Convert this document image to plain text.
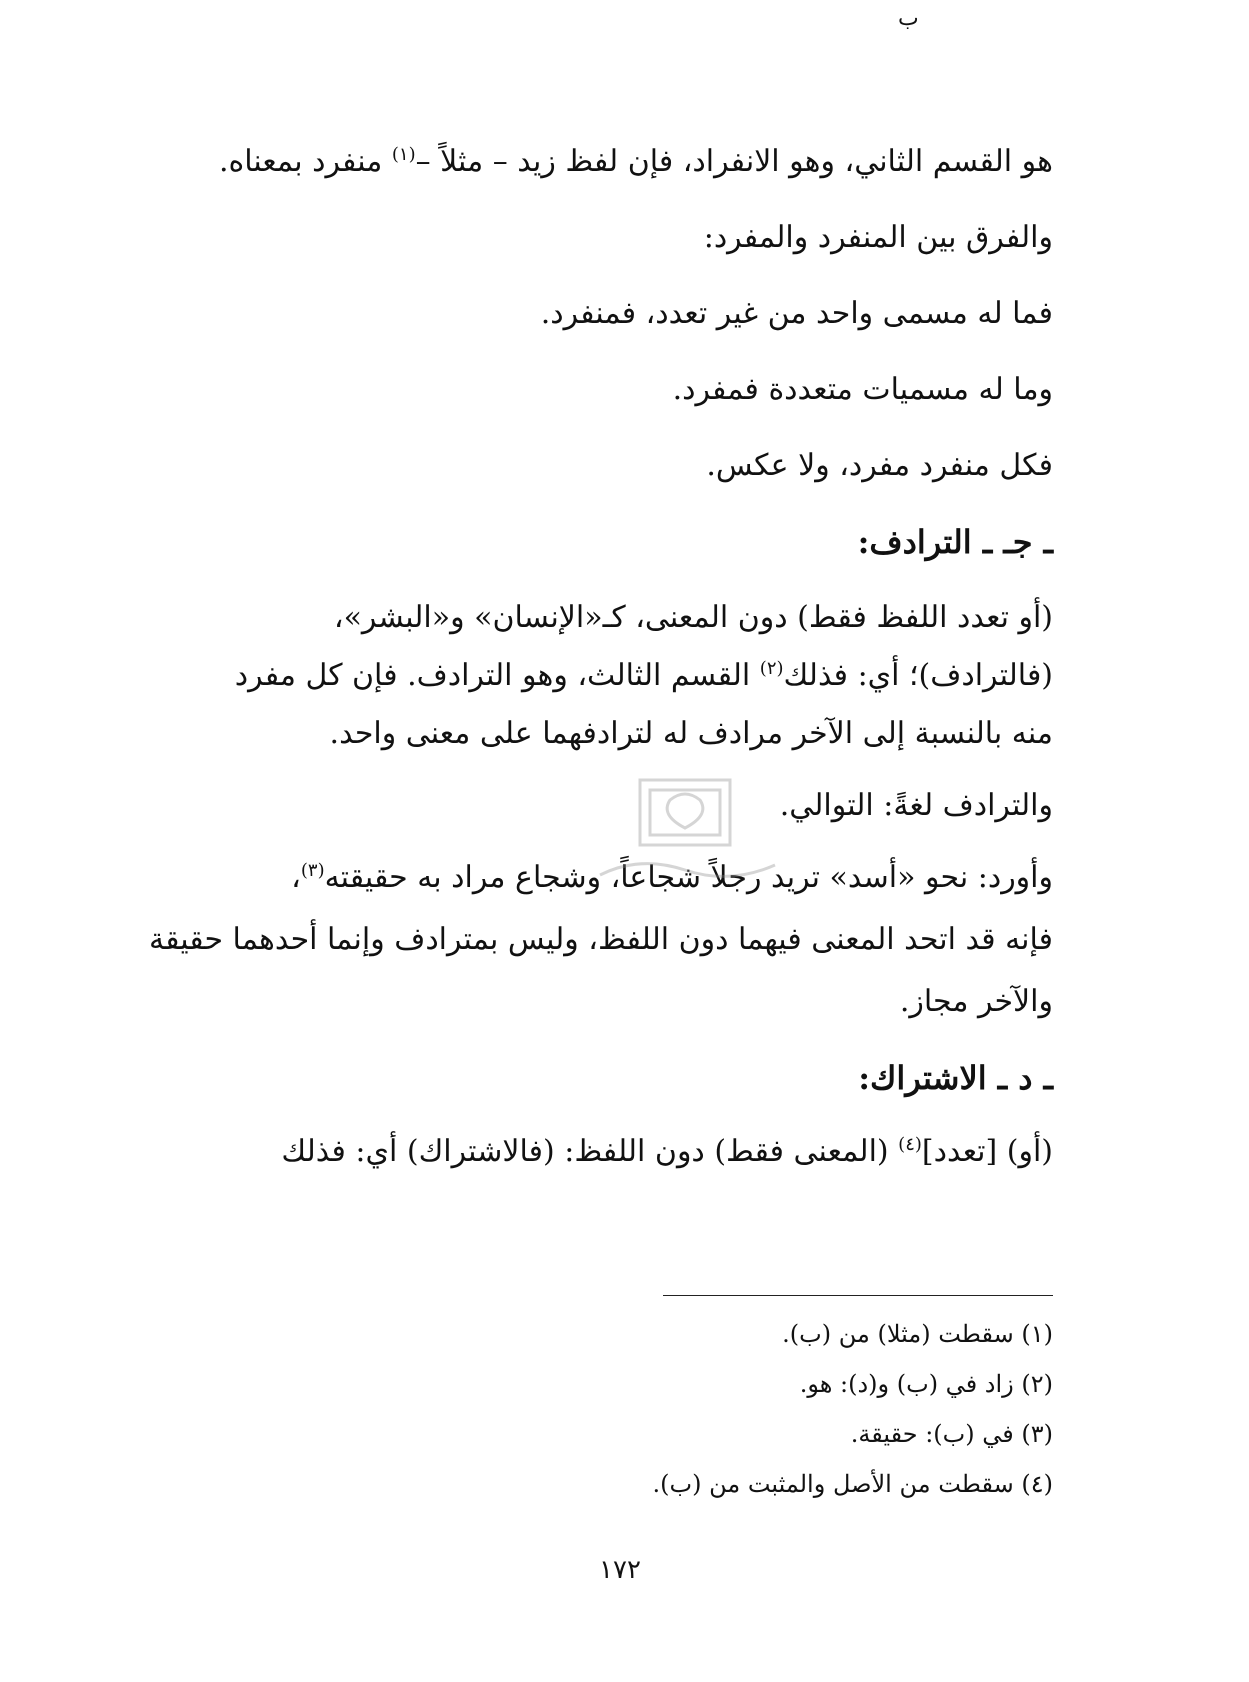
ب
هو القسم الثاني، وهو الانفراد، فإن لفظ زيد – مثلاً –$^{(١)}$ منفرد بمعناه.
والفرق بين المنفرد والمفرد:
فما له مسمى واحد من غير تعدد، فمنفرد.
وما له مسميات متعددة فمفرد.
فكل منفرد مفرد، ولا عكس.
ـ جـ ـ الترادف:
(أو تعدد اللفظ فقط) دون المعنى، كـ«الإنسان» و«البشر»،
(فالترادف)؛ أي: فذلك$^{(٢)}$ القسم الثالث، وهو الترادف. فإن كل مفرد
منه بالنسبة إلى الآخر مرادف له لترادفهما على معنى واحد.
والترادف لغةً: التوالي.
وأورد: نحو «أسد» تريد رجلاً شجاعاً، وشجاع مراد به حقيقته$^{(٣)}$،
فإنه قد اتحد المعنى فيهما دون اللفظ، وليس بمترادف وإنما أحدهما حقيقة
والآخر مجاز.
ـ د ـ الاشتراك:
(أو) [تعدد]$^{(٤)}$ (المعنى فقط) دون اللفظ: (فالاشتراك) أي: فذلك
(١) سقطت (مثلا) من (ب).
(٢) زاد في (ب) و(د): هو.
(٣) في (ب): حقيقة.
(٤) سقطت من الأصل والمثبت من (ب).
١٧٢
